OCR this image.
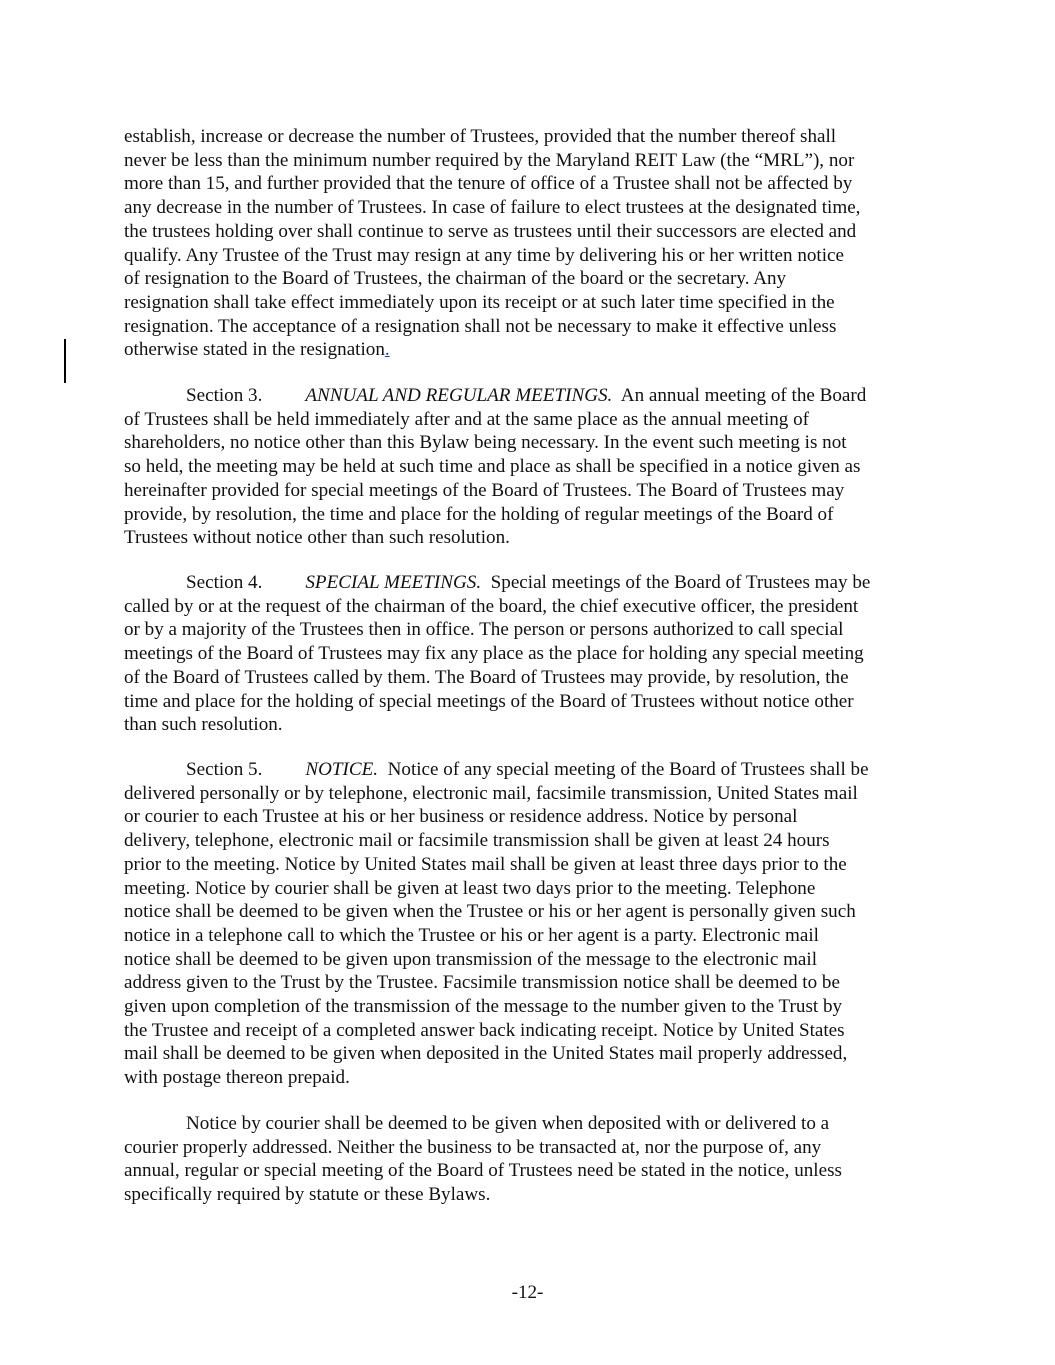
establish, increase or decrease the number of Trustees, provided that the number thereof shall
never be less than the minimum number required by the Maryland REIT Law (the “MRL”), nor
more than 15, and further provided that the tenure of office of a Trustee shall not be affected by
any decrease in the number of Trustees. In case of failure to elect trustees at the designated time,
the trustees holding over shall continue to serve as trustees until their successors are elected and
qualify. Any Trustee of the Trust may resign at any time by delivering his or her written notice
of resignation to the Board of Trustees, the chairman of the board or the secretary. Any
resignation shall take effect immediately upon its receipt or at such later time specified in the
resignation. The acceptance of a resignation shall not be necessary to make it effective unless
otherwise stated in the resignation.
Section 3. ANNUAL AND REGULAR MEETINGS.  An annual meeting of the Board
of Trustees shall be held immediately after and at the same place as the annual meeting of
shareholders, no notice other than this Bylaw being necessary. In the event such meeting is not
so held, the meeting may be held at such time and place as shall be specified in a notice given as
hereinafter provided for special meetings of the Board of Trustees. The Board of Trustees may
provide, by resolution, the time and place for the holding of regular meetings of the Board of
Trustees without notice other than such resolution.
Section 4. SPECIAL MEETINGS.  Special meetings of the Board of Trustees may be
called by or at the request of the chairman of the board, the chief executive officer, the president
or by a majority of the Trustees then in office. The person or persons authorized to call special
meetings of the Board of Trustees may fix any place as the place for holding any special meeting
of the Board of Trustees called by them. The Board of Trustees may provide, by resolution, the
time and place for the holding of special meetings of the Board of Trustees without notice other
than such resolution.
Section 5. NOTICE.  Notice of any special meeting of the Board of Trustees shall be
delivered personally or by telephone, electronic mail, facsimile transmission, United States mail
or courier to each Trustee at his or her business or residence address. Notice by personal
delivery, telephone, electronic mail or facsimile transmission shall be given at least 24 hours
prior to the meeting. Notice by United States mail shall be given at least three days prior to the
meeting. Notice by courier shall be given at least two days prior to the meeting. Telephone
notice shall be deemed to be given when the Trustee or his or her agent is personally given such
notice in a telephone call to which the Trustee or his or her agent is a party. Electronic mail
notice shall be deemed to be given upon transmission of the message to the electronic mail
address given to the Trust by the Trustee. Facsimile transmission notice shall be deemed to be
given upon completion of the transmission of the message to the number given to the Trust by
the Trustee and receipt of a completed answer back indicating receipt. Notice by United States
mail shall be deemed to be given when deposited in the United States mail properly addressed,
with postage thereon prepaid.
Notice by courier shall be deemed to be given when deposited with or delivered to a
courier properly addressed. Neither the business to be transacted at, nor the purpose of, any
annual, regular or special meeting of the Board of Trustees need be stated in the notice, unless
specifically required by statute or these Bylaws.
-12-
